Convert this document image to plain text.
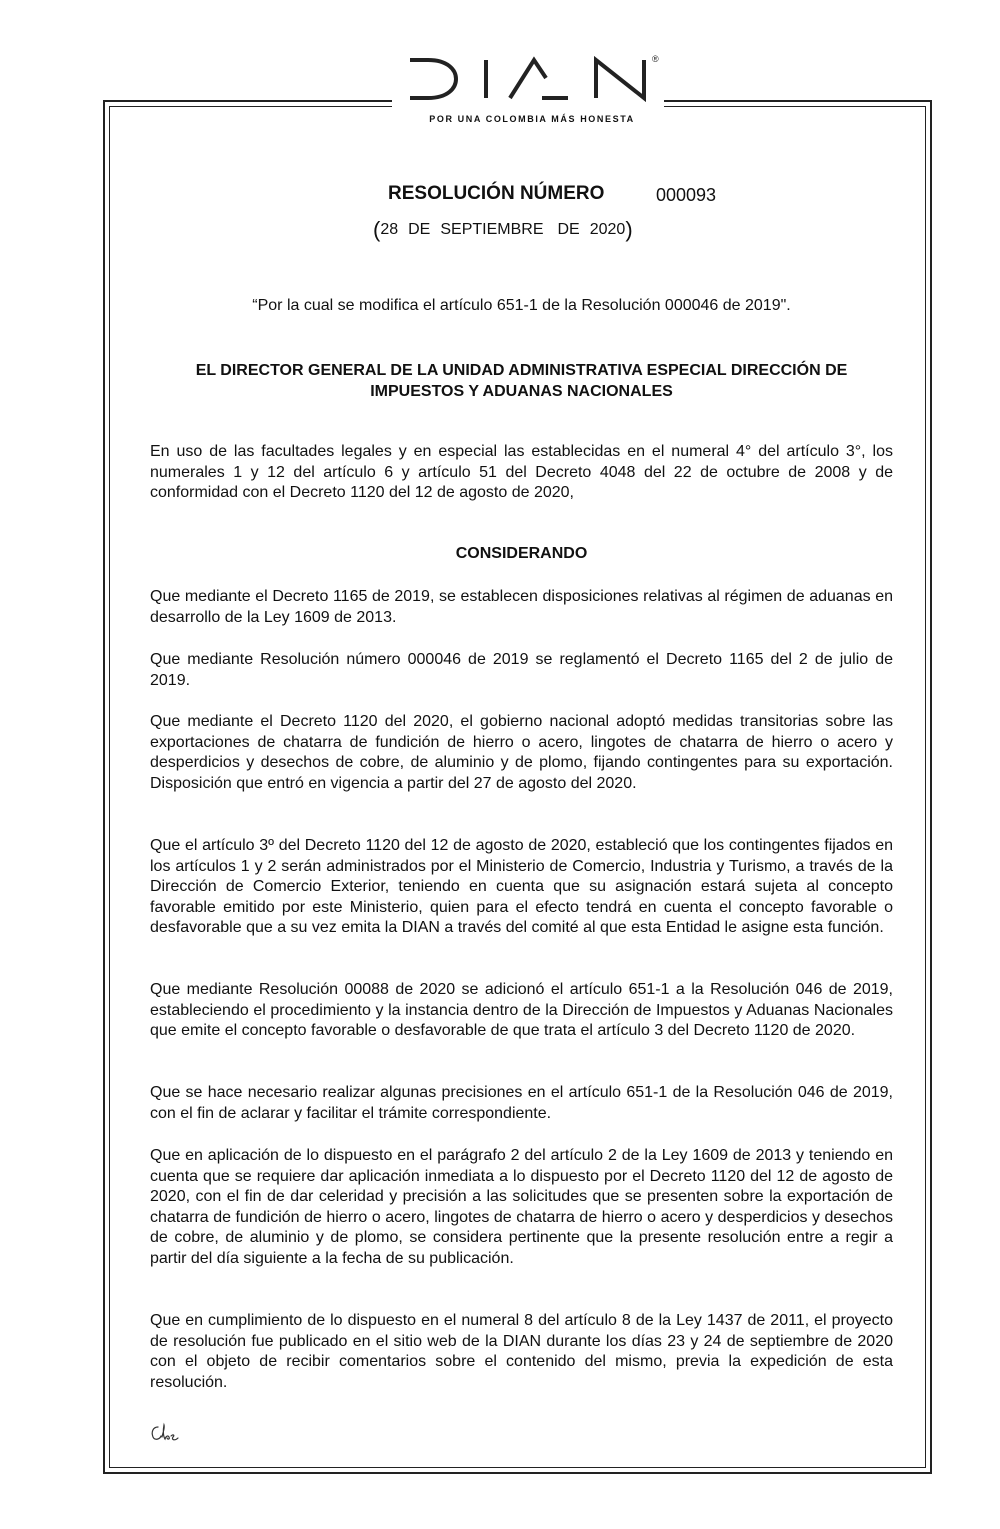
®
POR UNA COLOMBIA MÁS HONESTA
RESOLUCIÓN NÚMERO	000093
( 28 DE SEPTIEMBRE DE 2020 )
“Por la cual se modifica el artículo 651-1 de la Resolución 000046 de 2019".
EL DIRECTOR GENERAL DE LA UNIDAD ADMINISTRATIVA ESPECIAL DIRECCIÓN DE IMPUESTOS Y ADUANAS NACIONALES

En uso de las facultades legales y en especial las establecidas en el numeral 4° del artículo 3°, los numerales 1 y 12 del artículo 6 y artículo 51 del Decreto 4048 del 22 de octubre de 2008 y de conformidad con el Decreto 1120 del 12 de agosto de 2020,

CONSIDERANDO

Que mediante el Decreto 1165 de 2019, se establecen disposiciones relativas al régimen de aduanas en desarrollo de la Ley 1609 de 2013.

Que mediante Resolución número 000046 de 2019 se reglamentó el Decreto 1165 del 2 de julio de 2019.

Que mediante el Decreto 1120 del 2020, el gobierno nacional adoptó medidas transitorias sobre las exportaciones de chatarra de fundición de hierro o acero, lingotes de chatarra de hierro o acero y desperdicios y desechos de cobre, de aluminio y de plomo, fijando contingentes para su exportación. Disposición que entró en vigencia a partir del 27 de agosto del 2020.

Que el artículo 3º del Decreto 1120 del 12 de agosto de 2020, estableció que los contingentes fijados en los artículos 1 y 2 serán administrados por el Ministerio de Comercio, Industria y Turismo, a través de la Dirección de Comercio Exterior, teniendo en cuenta que su asignación estará sujeta al concepto favorable emitido por este Ministerio, quien para el efecto tendrá en cuenta el concepto favorable o desfavorable que a su vez emita la DIAN a través del comité al que esta Entidad le asigne esta función.

Que mediante Resolución 00088 de 2020 se adicionó el artículo 651-1 a la Resolución 046 de 2019, estableciendo el procedimiento y la instancia dentro de la Dirección de Impuestos y Aduanas Nacionales que emite el concepto favorable o desfavorable de que trata el artículo 3 del Decreto 1120 de 2020.

Que se hace necesario realizar algunas precisiones en el artículo 651-1 de la Resolución 046 de 2019, con el fin de aclarar y facilitar el trámite correspondiente.

Que en aplicación de lo dispuesto en el parágrafo 2 del artículo 2 de la Ley 1609 de 2013 y teniendo en cuenta que se requiere dar aplicación inmediata a lo dispuesto por el Decreto 1120 del 12 de agosto de 2020, con el fin de dar celeridad y precisión a las solicitudes que se presenten sobre la exportación de chatarra de fundición de hierro o acero, lingotes de chatarra de hierro o acero y desperdicios y desechos de cobre, de aluminio y de plomo, se considera pertinente que la presente resolución entre a regir a partir del día siguiente a la fecha de su publicación.

Que en cumplimiento de lo dispuesto en el numeral 8 del artículo 8 de la Ley 1437 de 2011, el proyecto de resolución fue publicado en el sitio web de la DIAN durante los días 23 y 24 de septiembre de 2020 con el objeto de recibir comentarios sobre el contenido del mismo, previa la expedición de esta resolución.
